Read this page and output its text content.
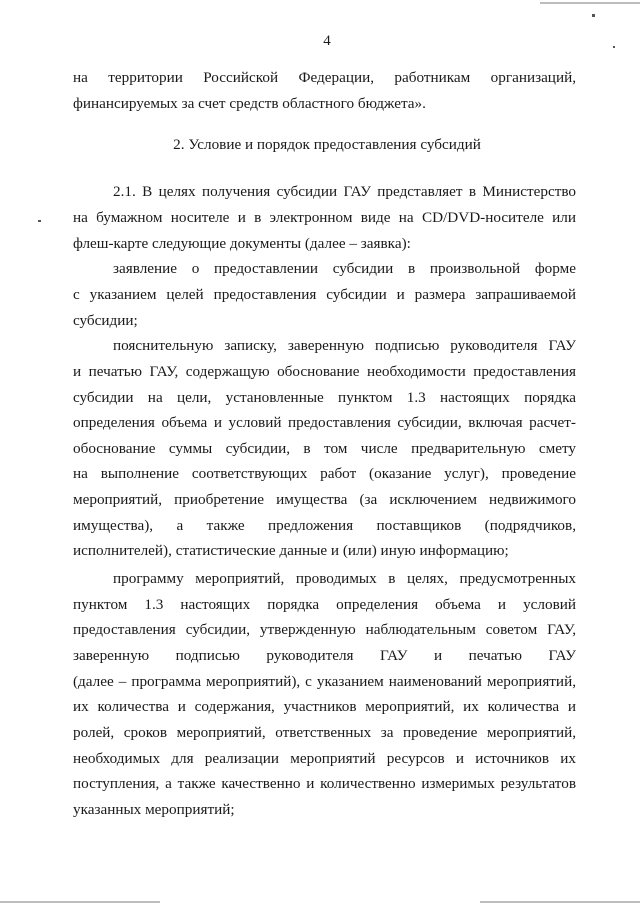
4
на территории Российской Федерации, работникам организаций,
финансируемых за счет средств областного бюджета».
2. Условие и порядок предоставления субсидий
2.1. В целях получения субсидии ГАУ представляет в Министерство
на бумажном носителе и в электронном виде на CD/DVD-носителе или
флеш-карте следующие документы (далее – заявка):
заявление о предоставлении субсидии в произвольной форме
с указанием целей предоставления субсидии и размера запрашиваемой
субсидии;
пояснительную записку, заверенную подписью руководителя ГАУ
и печатью ГАУ, содержащую обоснование необходимости предоставления
субсидии на цели, установленные пунктом 1.3 настоящих порядка
определения объема и условий предоставления субсидии, включая расчет-
обоснование суммы субсидии, в том числе предварительную смету
на выполнение соответствующих работ (оказание услуг), проведение
мероприятий, приобретение имущества (за исключением недвижимого
имущества), а также предложения поставщиков (подрядчиков,
исполнителей), статистические данные и (или) иную информацию;
программу мероприятий, проводимых в целях, предусмотренных
пунктом 1.3 настоящих порядка определения объема и условий
предоставления субсидии, утвержденную наблюдательным советом ГАУ,
заверенную подписью руководителя ГАУ и печатью ГАУ
(далее – программа мероприятий), с указанием наименований мероприятий,
их количества и содержания, участников мероприятий, их количества и
ролей, сроков мероприятий, ответственных за проведение мероприятий,
необходимых для реализации мероприятий ресурсов и источников их
поступления, а также качественно и количественно измеримых результатов
указанных мероприятий;
